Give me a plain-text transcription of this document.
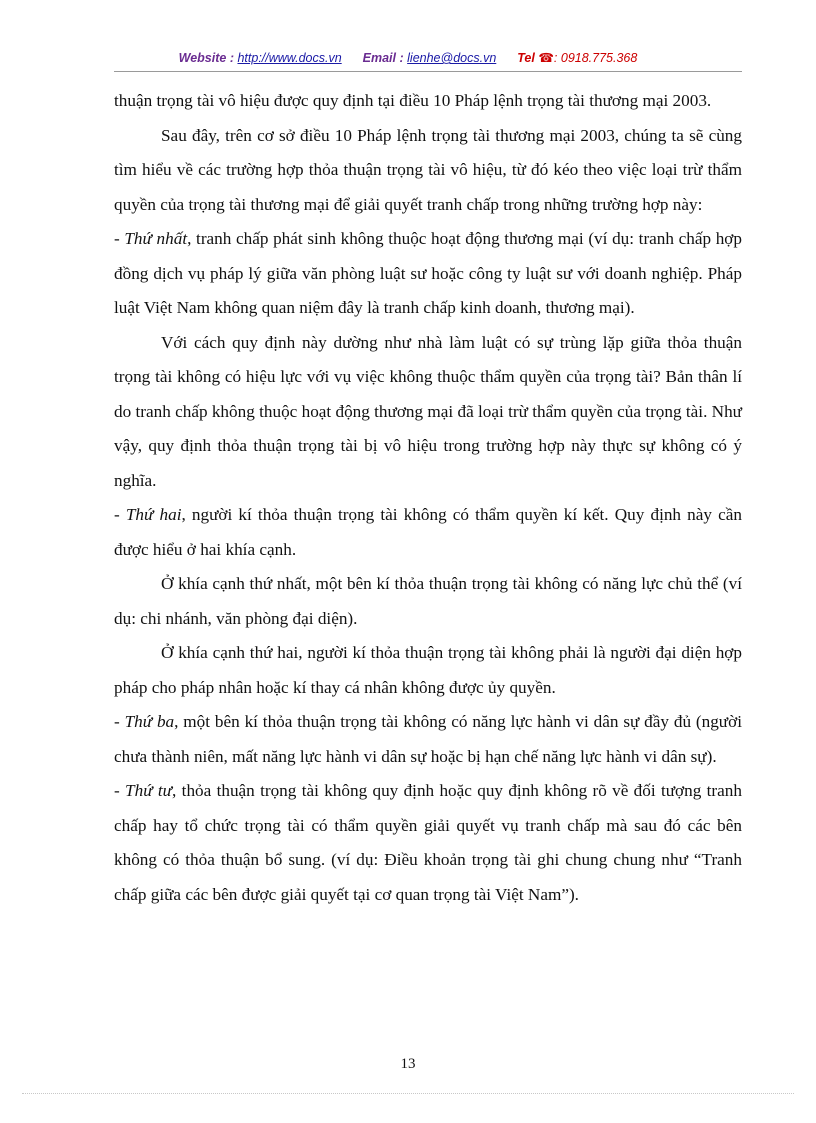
Website : http://www.docs.vn Email : lienhe@docs.vn Tel ☎: 0918.775.368

thuận trọng tài vô hiệu được quy định tại điều 10 Pháp lệnh trọng tài thương mại 2003.

Sau đây, trên cơ sở điều 10 Pháp lệnh trọng tài thương mại 2003, chúng ta sẽ cùng tìm hiểu về các trường hợp thỏa thuận trọng tài vô hiệu, từ đó kéo theo việc loại trừ thẩm quyền của trọng tài thương mại để giải quyết tranh chấp trong những trường hợp này:

- Thứ nhất, tranh chấp phát sinh không thuộc hoạt động thương mại (ví dụ: tranh chấp hợp đồng dịch vụ pháp lý giữa văn phòng luật sư hoặc công ty luật sư với doanh nghiệp. Pháp luật Việt Nam không quan niệm đây là tranh chấp kinh doanh, thương mại).

Với cách quy định này dường như nhà làm luật có sự trùng lặp giữa thỏa thuận trọng tài không có hiệu lực với vụ việc không thuộc thẩm quyền của trọng tài? Bản thân lí do tranh chấp không thuộc hoạt động thương mại đã loại trừ thẩm quyền của trọng tài. Như vậy, quy định thỏa thuận trọng tài bị vô hiệu trong trường hợp này thực sự không có ý nghĩa.

- Thứ hai, người kí thỏa thuận trọng tài không có thẩm quyền kí kết. Quy định này cần được hiểu ở hai khía cạnh.

Ở khía cạnh thứ nhất, một bên kí thỏa thuận trọng tài không có năng lực chủ thể (ví dụ: chi nhánh, văn phòng đại diện).

Ở khía cạnh thứ hai, người kí thỏa thuận trọng tài không phải là người đại diện hợp pháp cho pháp nhân hoặc kí thay cá nhân không được ủy quyền.

- Thứ ba, một bên kí thỏa thuận trọng tài không có năng lực hành vi dân sự đầy đủ (người chưa thành niên, mất năng lực hành vi dân sự hoặc bị hạn chế năng lực hành vi dân sự).

- Thứ tư, thỏa thuận trọng tài không quy định hoặc quy định không rõ về đối tượng tranh chấp hay tổ chức trọng tài có thẩm quyền giải quyết vụ tranh chấp mà sau đó các bên không có thỏa thuận bổ sung. (ví dụ: Điều khoản trọng tài ghi chung chung như “Tranh chấp giữa các bên được giải quyết tại cơ quan trọng tài Việt Nam”).

13
